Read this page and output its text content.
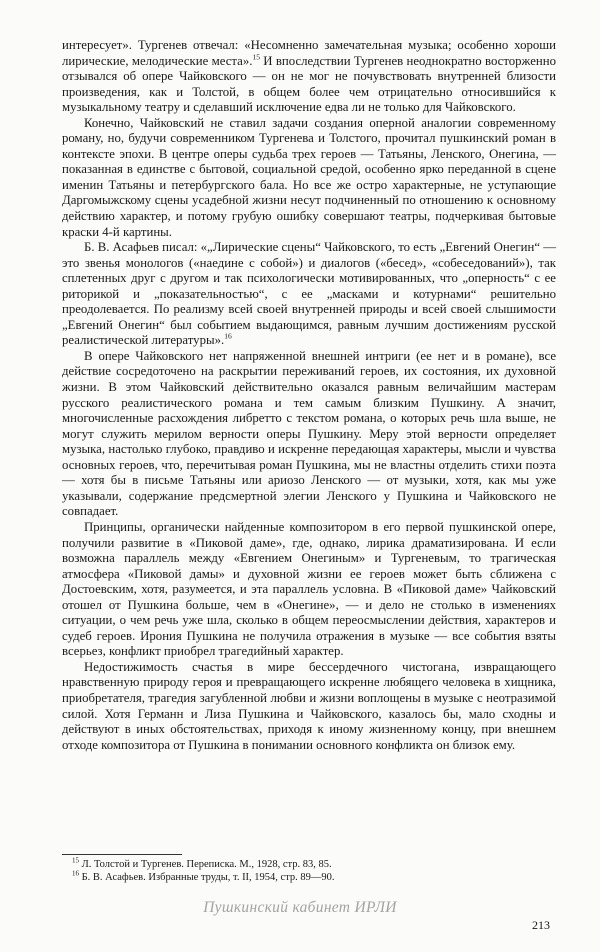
интересует». Тургенев отвечал: «Несомненно замечательная музыка; особенно хороши лирические, мелодические места».$^{15}$ И впоследствии Тургенев неоднократно восторженно отзывался об опере Чайковского — он не мог не почувствовать внутренней близости произведения, как и Толстой, в общем более чем отрицательно относившийся к музыкальному театру и сделавший исключение едва ли не только для Чайковского.

Конечно, Чайковский не ставил задачи создания оперной аналогии современному роману, но, будучи современником Тургенева и Толстого, прочитал пушкинский роман в контексте эпохи. В центре оперы судьба трех героев — Татьяны, Ленского, Онегина, — показанная в единстве с бытовой, социальной средой, особенно ярко переданной в сцене именин Татьяны и петербургского бала. Но все же остро характерные, не уступающие Даргомыжскому сцены усадебной жизни несут подчиненный по отношению к основному действию характер, и потому грубую ошибку совершают театры, подчеркивая бытовые краски 4-й картины.

Б. В. Асафьев писал: «„Лирические сцены“ Чайковского, то есть „Евгений Онегин“ — это звенья монологов («наедине с собой») и диалогов («бесед», «собеседований»), так сплетенных друг с другом и так психологически мотивированных, что „оперность“ с ее риторикой и „показательностью“, с ее „масками и котурнами“ решительно преодолевается. По реализму всей своей внутренней природы и всей своей слышимости „Евгений Онегин“ был событием выдающимся, равным лучшим достижениям русской реалистической литературы».$^{16}$

В опере Чайковского нет напряженной внешней интриги (ее нет и в романе), все действие сосредоточено на раскрытии переживаний героев, их состояния, их духовной жизни. В этом Чайковский действительно оказался равным величайшим мастерам русского реалистического романа и тем самым близким Пушкину. А значит, многочисленные расхождения либретто с текстом романа, о которых речь шла выше, не могут служить мерилом верности оперы Пушкину. Меру этой верности определяет музыка, настолько глубоко, правдиво и искренне передающая характеры, мысли и чувства основных героев, что, перечитывая роман Пушкина, мы не властны отделить стихи поэта — хотя бы в письме Татьяны или ариозо Ленского — от музыки, хотя, как мы уже указывали, содержание предсмертной элегии Ленского у Пушкина и Чайковского не совпадает.

Принципы, органически найденные композитором в его первой пушкинской опере, получили развитие в «Пиковой даме», где, однако, лирика драматизирована. И если возможна параллель между «Евгением Онегиным» и Тургеневым, то трагическая атмосфера «Пиковой дамы» и духовной жизни ее героев может быть сближена с Достоевским, хотя, разумеется, и эта параллель условна. В «Пиковой даме» Чайковский отошел от Пушкина больше, чем в «Онегине», — и дело не столько в изменениях ситуации, о чем речь уже шла, сколько в общем переосмыслении действия, характеров и судеб героев. Ирония Пушкина не получила отражения в музыке — все события взяты всерьез, конфликт приобрел трагедийный характер.

Недостижимость счастья в мире бессердечного чистогана, извращающего нравственную природу героя и превращающего искренне любящего человека в хищника, приобретателя, трагедия загубленной любви и жизни воплощены в музыке с неотразимой силой. Хотя Германн и Лиза Пушкина и Чайковского, казалось бы, мало сходны и действуют в иных обстоятельствах, приходя к иному жизненному концу, при внешнем отходе композитора от Пушкина в понимании основного конфликта он близок ему.

$^{15}$ Л. Толстой и Тургенев. Переписка. М., 1928, стр. 83, 85.

$^{16}$ Б. В. Асафьев. Избранные труды, т. II, 1954, стр. 89—90.

Пушкинский кабинет ИРЛИ
213
